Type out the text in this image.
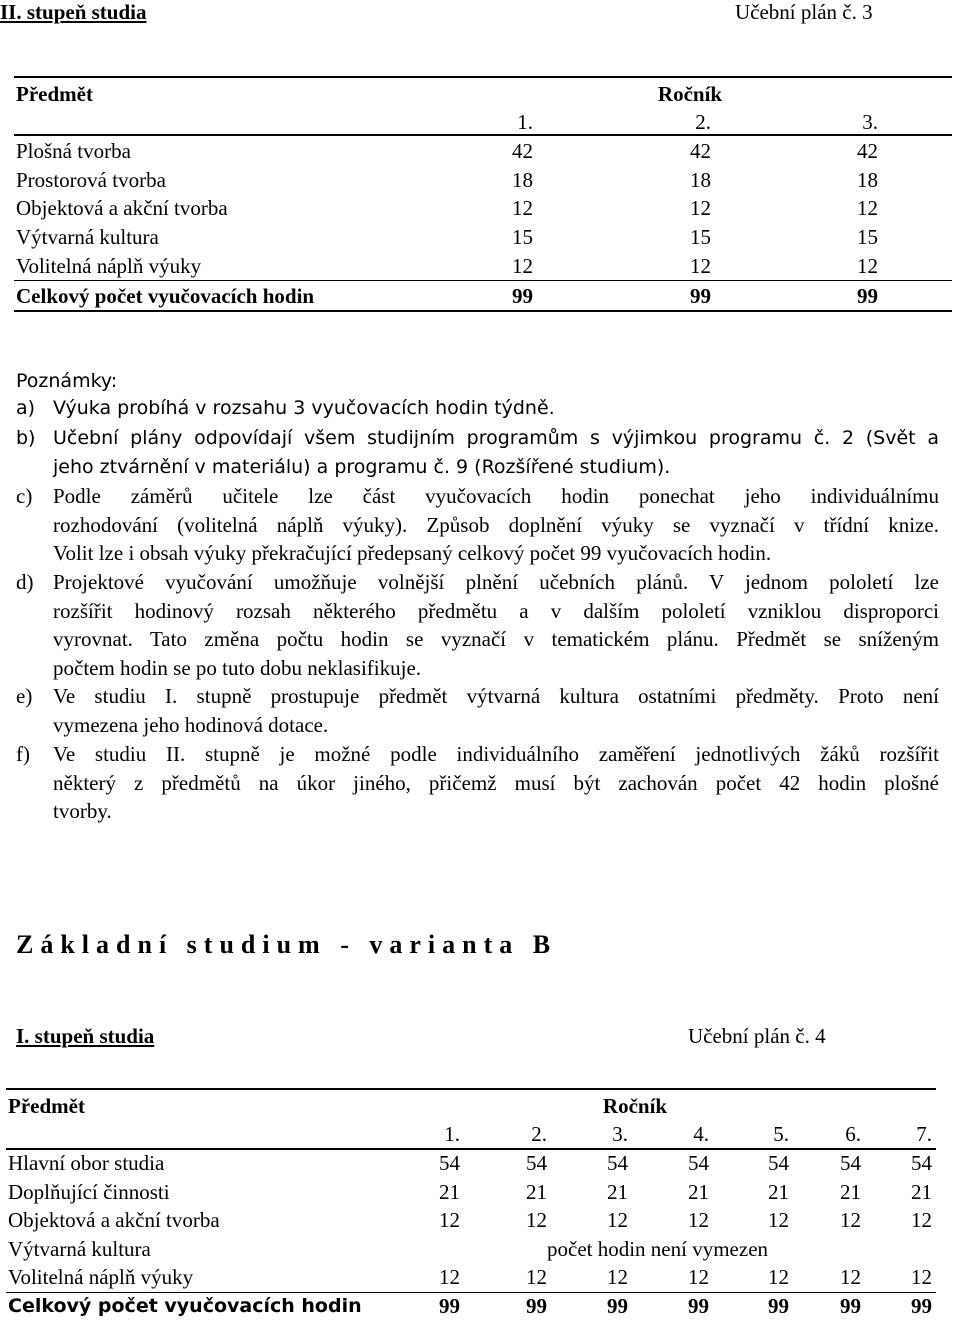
II. stupeň studia	Učební plán č. 3
Předmět	Ročník
1.	2.	3.
Plošná tvorba	42	42	42
Prostorová tvorba	18	18	18
Objektová a akční tvorba	12	12	12
Výtvarná kultura	15	15	15
Volitelná náplň výuky	12	12	12
Celkový počet vyučovacích hodin	99	99	99
Poznámky:
a) Výuka probíhá v rozsahu 3 vyučovacích hodin týdně.
b) Učební plány odpovídají všem studijním programům s výjimkou programu č. 2 (Svět a
jeho ztvárnění v materiálu) a programu č. 9 (Rozšířené studium).
c) Podle záměrů učitele lze část vyučovacích hodin ponechat jeho individuálnímu
rozhodování (volitelná náplň výuky). Způsob doplnění výuky se vyznačí v třídní knize.
Volit lze i obsah výuky překračující předepsaný celkový počet 99 vyučovacích hodin.
d) Projektové vyučování umožňuje volnější plnění učebních plánů. V jednom pololetí lze
rozšířit hodinový rozsah některého předmětu a v dalším pololetí vzniklou disproporci
vyrovnat. Tato změna počtu hodin se vyznačí v tematickém plánu. Předmět se sníženým
počtem hodin se po tuto dobu neklasifikuje.
e) Ve studiu I. stupně prostupuje předmět výtvarná kultura ostatními předměty. Proto není
vymezena jeho hodinová dotace.
f) Ve studiu II. stupně je možné podle individuálního zaměření jednotlivých žáků rozšířit
některý z předmětů na úkor jiného, přičemž musí být zachován počet 42 hodin plošné
tvorby.
Základní studium - varianta B
I. stupeň studia	Učební plán č. 4
Předmět	Ročník
1.	2.	3.	4.	5.	6.	7.
Hlavní obor studia	54	54	54	54	54	54	54
Doplňující činnosti	21	21	21	21	21	21	21
Objektová a akční tvorba	12	12	12	12	12	12	12
Výtvarná kultura	počet hodin není vymezen
Volitelná náplň výuky	12	12	12	12	12	12	12
Celkový počet vyučovacích hodin	99	99	99	99	99	99	99
